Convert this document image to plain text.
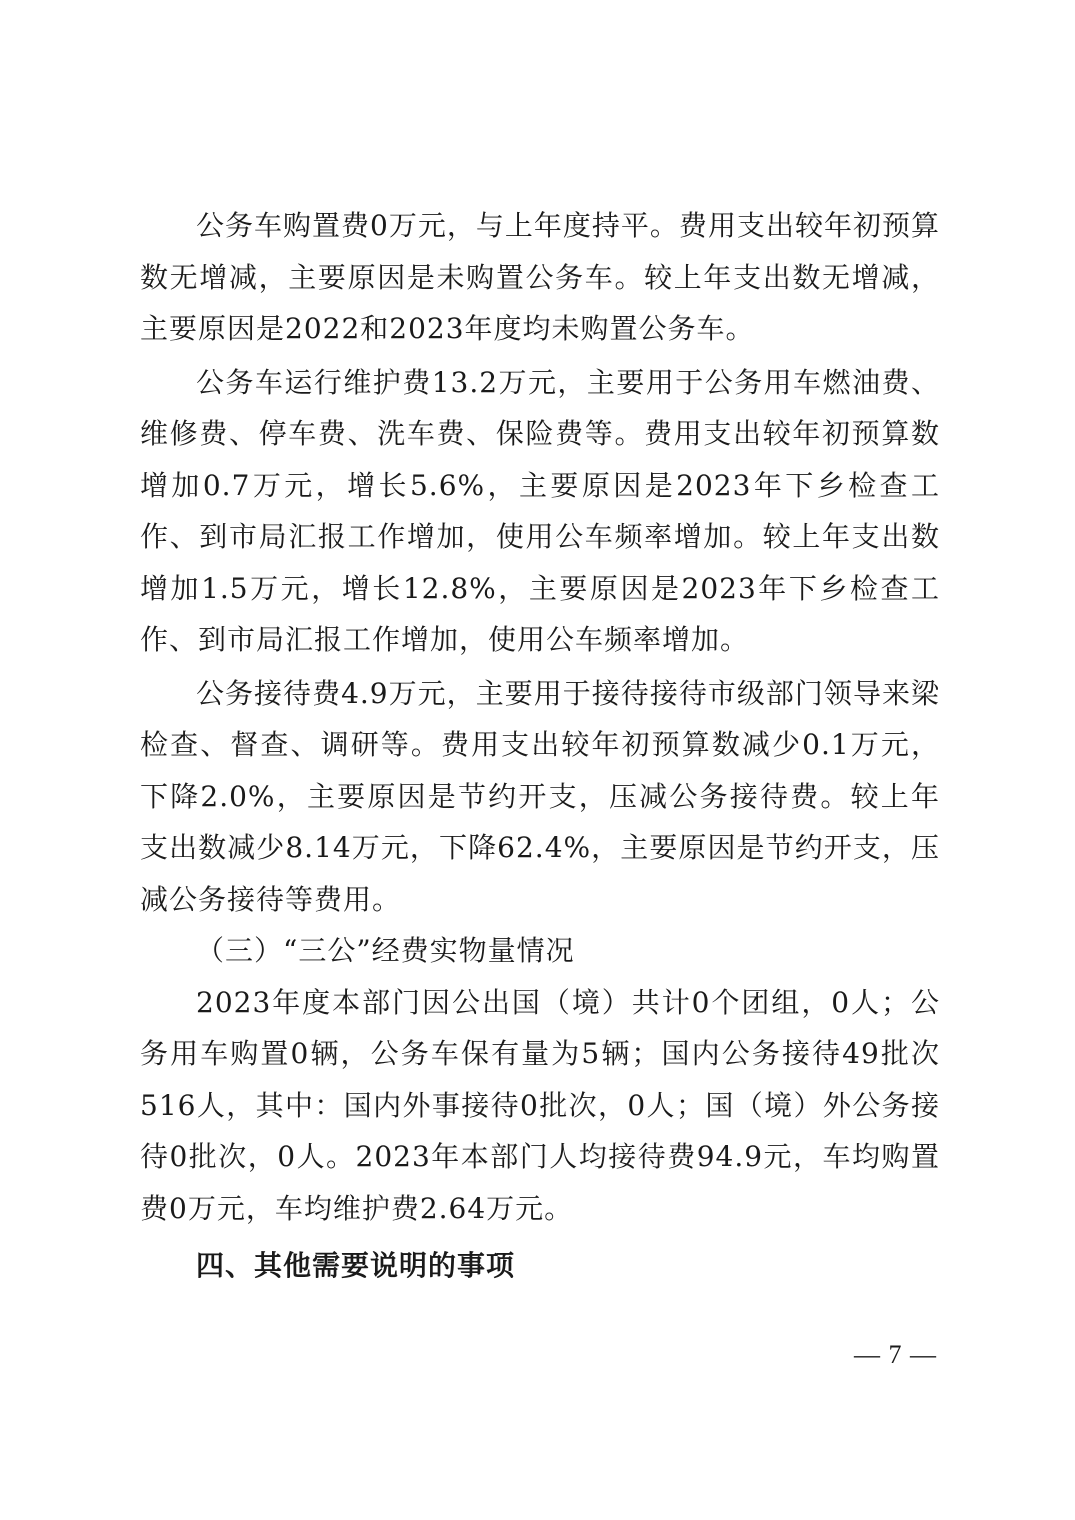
公务车购置费0万元，与上年度持平。费用支出较年初预算数无增减，主要原因是未购置公务车。较上年支出数无增减，主要原因是2022和2023年度均未购置公务车。

公务车运行维护费13.2万元，主要用于公务用车燃油费、维修费、停车费、洗车费、保险费等。费用支出较年初预算数增加0.7万元，增长5.6%，主要原因是2023年下乡检查工作、到市局汇报工作增加，使用公车频率增加。较上年支出数增加1.5万元，增长12.8%，主要原因是2023年下乡检查工作、到市局汇报工作增加，使用公车频率增加。

公务接待费4.9万元，主要用于接待接待市级部门领导来梁检查、督查、调研等。费用支出较年初预算数减少0.1万元，下降2.0%，主要原因是节约开支，压减公务接待费。较上年支出数减少8.14万元，下降62.4%，主要原因是节约开支，压减公务接待等费用。

（三）“三公”经费实物量情况

2023年度本部门因公出国（境）共计0个团组，0人；公务用车购置0辆，公务车保有量为5辆；国内公务接待49批次516人，其中：国内外事接待0批次，0人；国（境）外公务接待0批次，0人。2023年本部门人均接待费94.9元，车均购置费0万元，车均维护费2.64万元。

四、其他需要说明的事项

— 7 —
